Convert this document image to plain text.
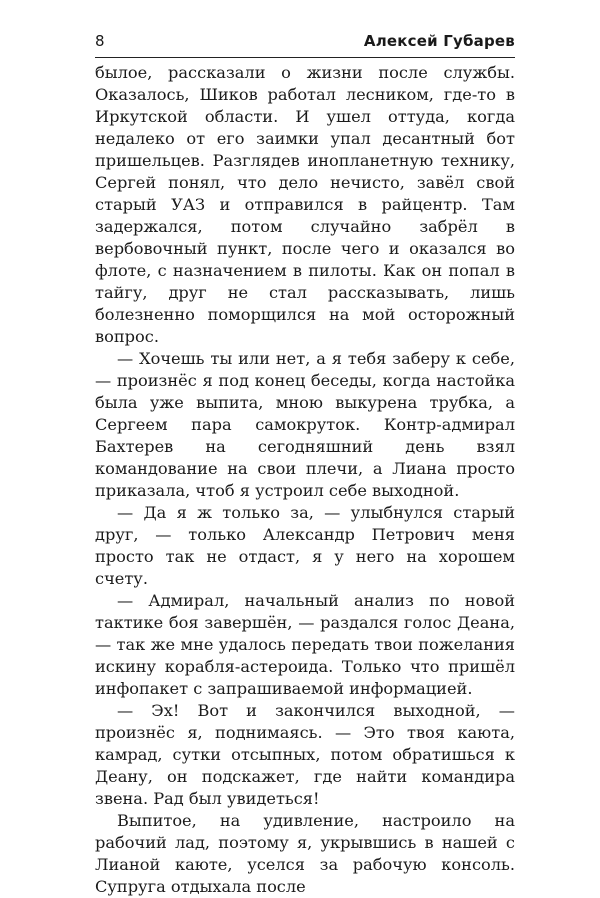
8	Алексей Губарев

былое, рассказали о жизни после службы. Оказалось, Шиков работал лесником, где-то в Иркутской области. И ушел оттуда, когда недалеко от его заимки упал десантный бот пришельцев. Разглядев инопланетную технику, Сергей понял, что дело нечисто, завёл свой старый УАЗ и отправился в райцентр. Там задержался, потом случайно забрёл в вербовочный пункт, после чего и оказался во флоте, с назначением в пилоты. Как он попал в тайгу, друг не стал рассказывать, лишь болезненно поморщился на мой осторожный вопрос.

— Хочешь ты или нет, а я тебя заберу к себе, — произнёс я под конец беседы, когда настойка была уже выпита, мною выкурена трубка, а Сергеем пара самокруток. Контр-адмирал Бахтерев на сегодняшний день взял командование на свои плечи, а Лиана просто приказала, чтоб я устроил себе выходной.

— Да я ж только за, — улыбнулся старый друг, — только Александр Петрович меня просто так не отдаст, я у него на хорошем счету.

— Адмирал, начальный анализ по новой тактике боя завершён, — раздался голос Деана, — так же мне удалось передать твои пожелания искину корабля-астероида. Только что пришёл инфопакет с запрашиваемой информацией.

— Эх! Вот и закончился выходной, — произнёс я, поднимаясь. — Это твоя каюта, камрад, сутки отсыпных, потом обратишься к Деану, он подскажет, где найти командира звена. Рад был увидеться!

Выпитое, на удивление, настроило на рабочий лад, поэтому я, укрывшись в нашей с Лианой каюте, уселся за рабочую консоль. Супруга отдыхала после
